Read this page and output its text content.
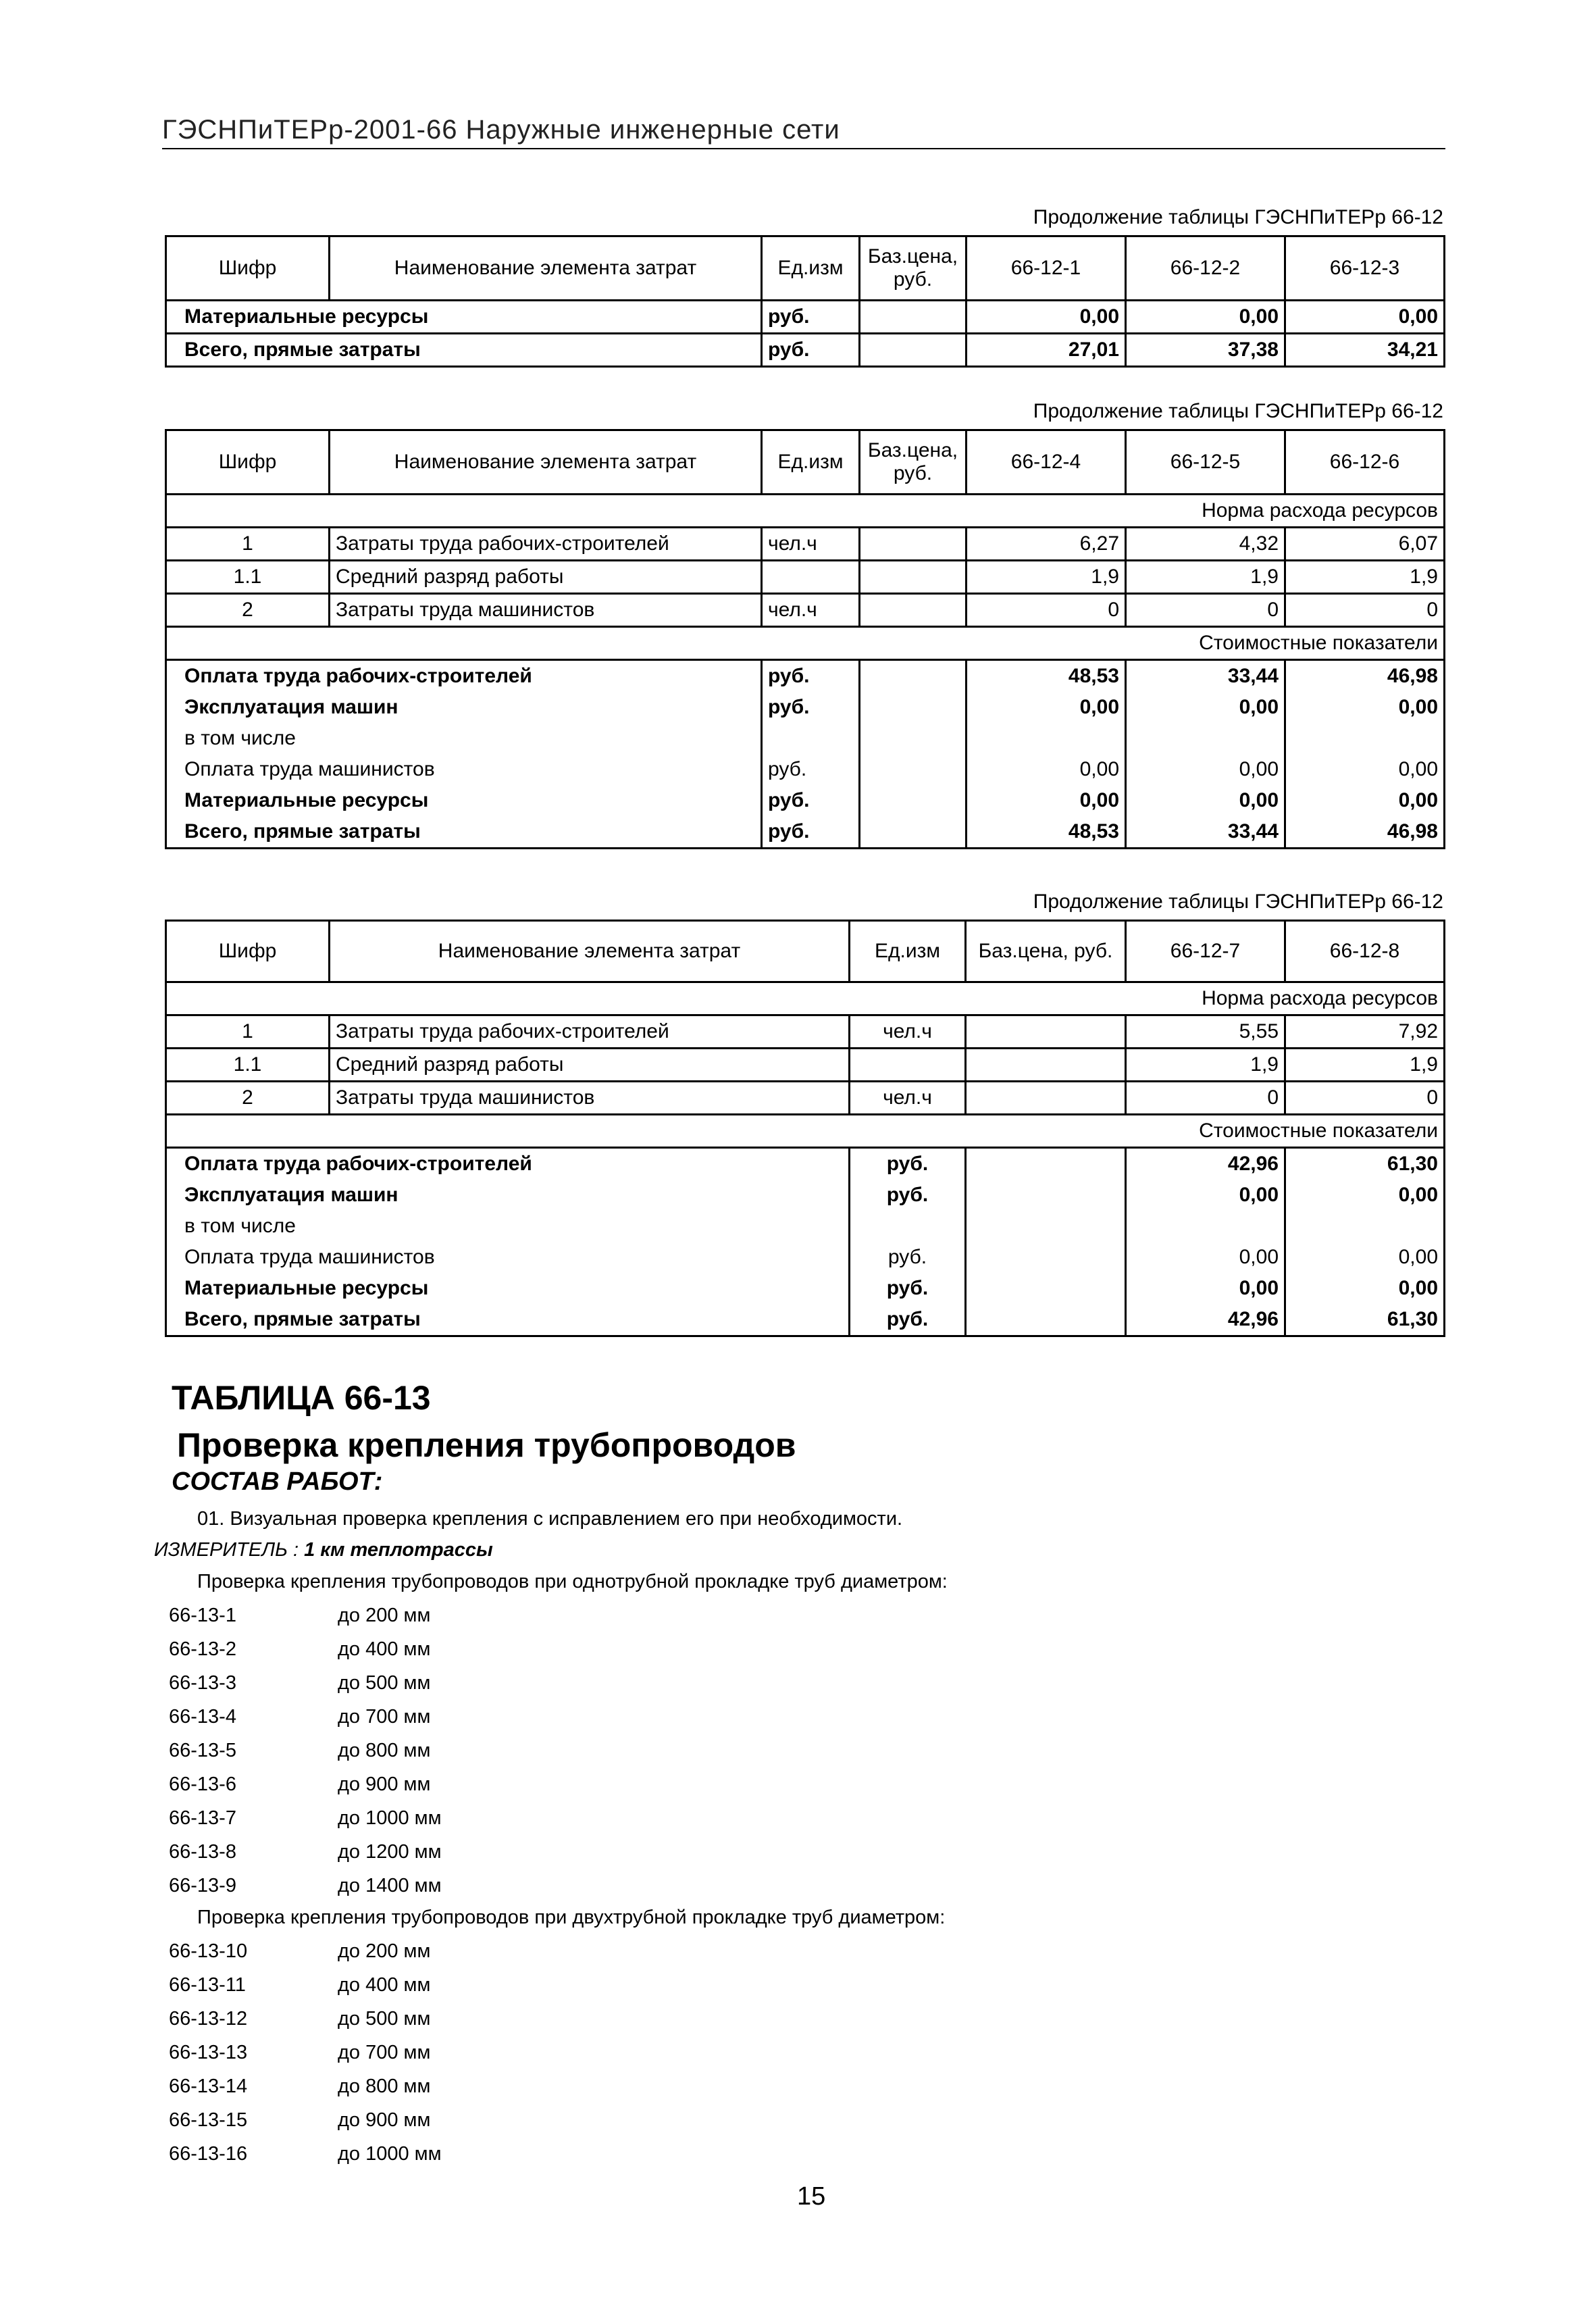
ГЭСНПиТЕРр-2001-66 Наружные инженерные сети
Продолжение таблицы ГЭСНПиТЕРр 66-12
Шифр	Наименование элемента затрат	Ед.изм	Баз.цена, руб.	66-12-1	66-12-2	66-12-3
Материальные ресурсы		руб.		0,00	0,00	0,00
Всего, прямые затраты		руб.		27,01	37,38	34,21
Продолжение таблицы ГЭСНПиТЕРр 66-12
Шифр	Наименование элемента затрат	Ед.изм	Баз.цена, руб.	66-12-4	66-12-5	66-12-6
Норма расхода ресурсов						
1	Затраты труда рабочих-строителей	чел.ч		6,27	4,32	6,07
1.1	Средний разряд работы			1,9	1,9	1,9
2	Затраты труда машинистов	чел.ч		0	0	0
Стоимостные показатели						
Оплата труда рабочих-строителей		руб.		48,53	33,44	46,98
Эксплуатация машин		руб.		0,00	0,00	0,00
в том числе						
Оплата труда машинистов		руб.		0,00	0,00	0,00
Материальные ресурсы		руб.		0,00	0,00	0,00
Всего, прямые затраты		руб.		48,53	33,44	46,98
Продолжение таблицы ГЭСНПиТЕРр 66-12
Шифр	Наименование элемента затрат	Ед.изм	Баз.цена, руб.	66-12-7	66-12-8
Норма расхода ресурсов					
1	Затраты труда рабочих-строителей	чел.ч		5,55	7,92
1.1	Средний разряд работы			1,9	1,9
2	Затраты труда машинистов	чел.ч		0	0
Стоимостные показатели					
Оплата труда рабочих-строителей		руб.		42,96	61,30
Эксплуатация машин		руб.		0,00	0,00
в том числе					
Оплата труда машинистов		руб.		0,00	0,00
Материальные ресурсы		руб.		0,00	0,00
Всего, прямые затраты		руб.		42,96	61,30
ТАБЛИЦА 66-13
Проверка крепления трубопроводов
СОСТАВ РАБОТ:
01. Визуальная проверка крепления с исправлением его при необходимости.
ИЗМЕРИТЕЛЬ : 1 км теплотрассы
Проверка крепления трубопроводов при однотрубной прокладке труб диаметром:
66-13-1	до 200 мм
66-13-2	до 400 мм
66-13-3	до 500 мм
66-13-4	до 700 мм
66-13-5	до 800 мм
66-13-6	до 900 мм
66-13-7	до 1000 мм
66-13-8	до 1200 мм
66-13-9	до 1400 мм
Проверка крепления трубопроводов при двухтрубной прокладке труб диаметром:
66-13-10	до 200 мм
66-13-11	до 400 мм
66-13-12	до 500 мм
66-13-13	до 700 мм
66-13-14	до 800 мм
66-13-15	до 900 мм
66-13-16	до 1000 мм
15
